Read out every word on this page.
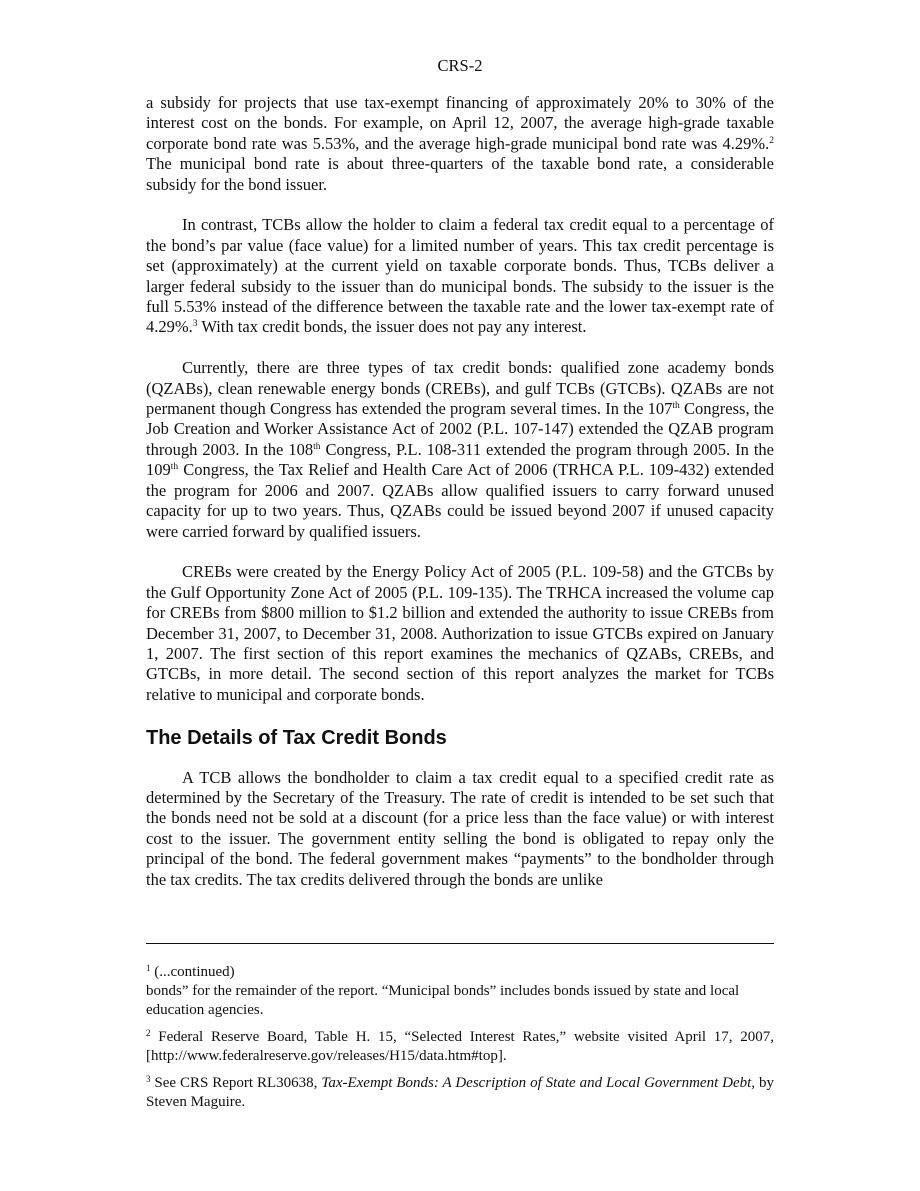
CRS-2

a subsidy for projects that use tax-exempt financing of approximately 20% to 30% of the interest cost on the bonds. For example, on April 12, 2007, the average high-grade taxable corporate bond rate was 5.53%, and the average high-grade municipal bond rate was 4.29%.$^2$ The municipal bond rate is about three-quarters of the taxable bond rate, a considerable subsidy for the bond issuer.

In contrast, TCBs allow the holder to claim a federal tax credit equal to a percentage of the bond’s par value (face value) for a limited number of years. This tax credit percentage is set (approximately) at the current yield on taxable corporate bonds. Thus, TCBs deliver a larger federal subsidy to the issuer than do municipal bonds. The subsidy to the issuer is the full 5.53% instead of the difference between the taxable rate and the lower tax-exempt rate of 4.29%.$^3$ With tax credit bonds, the issuer does not pay any interest.

Currently, there are three types of tax credit bonds: qualified zone academy bonds (QZABs), clean renewable energy bonds (CREBs), and gulf TCBs (GTCBs). QZABs are not permanent though Congress has extended the program several times. In the 107th Congress, the Job Creation and Worker Assistance Act of 2002 (P.L. 107-147) extended the QZAB program through 2003. In the 108th Congress, P.L. 108-311 extended the program through 2005. In the 109th Congress, the Tax Relief and Health Care Act of 2006 (TRHCA P.L. 109-432) extended the program for 2006 and 2007. QZABs allow qualified issuers to carry forward unused capacity for up to two years. Thus, QZABs could be issued beyond 2007 if unused capacity were carried forward by qualified issuers.

CREBs were created by the Energy Policy Act of 2005 (P.L. 109-58) and the GTCBs by the Gulf Opportunity Zone Act of 2005 (P.L. 109-135). The TRHCA increased the volume cap for CREBs from $800 million to $1.2 billion and extended the authority to issue CREBs from December 31, 2007, to December 31, 2008. Authorization to issue GTCBs expired on January 1, 2007. The first section of this report examines the mechanics of QZABs, CREBs, and GTCBs, in more detail. The second section of this report analyzes the market for TCBs relative to municipal and corporate bonds.

The Details of Tax Credit Bonds

A TCB allows the bondholder to claim a tax credit equal to a specified credit rate as determined by the Secretary of the Treasury. The rate of credit is intended to be set such that the bonds need not be sold at a discount (for a price less than the face value) or with interest cost to the issuer. The government entity selling the bond is obligated to repay only the principal of the bond. The federal government makes “payments” to the bondholder through the tax credits. The tax credits delivered through the bonds are unlike

$^1$ (...continued)
bonds” for the remainder of the report. “Municipal bonds” includes bonds issued by state and local education agencies.

$^2$ Federal Reserve Board, Table H. 15, “Selected Interest Rates,” website visited April 17, 2007, [http://www.federalreserve.gov/releases/H15/data.htm#top].

$^3$ See CRS Report RL30638, Tax-Exempt Bonds: A Description of State and Local Government Debt, by Steven Maguire.
